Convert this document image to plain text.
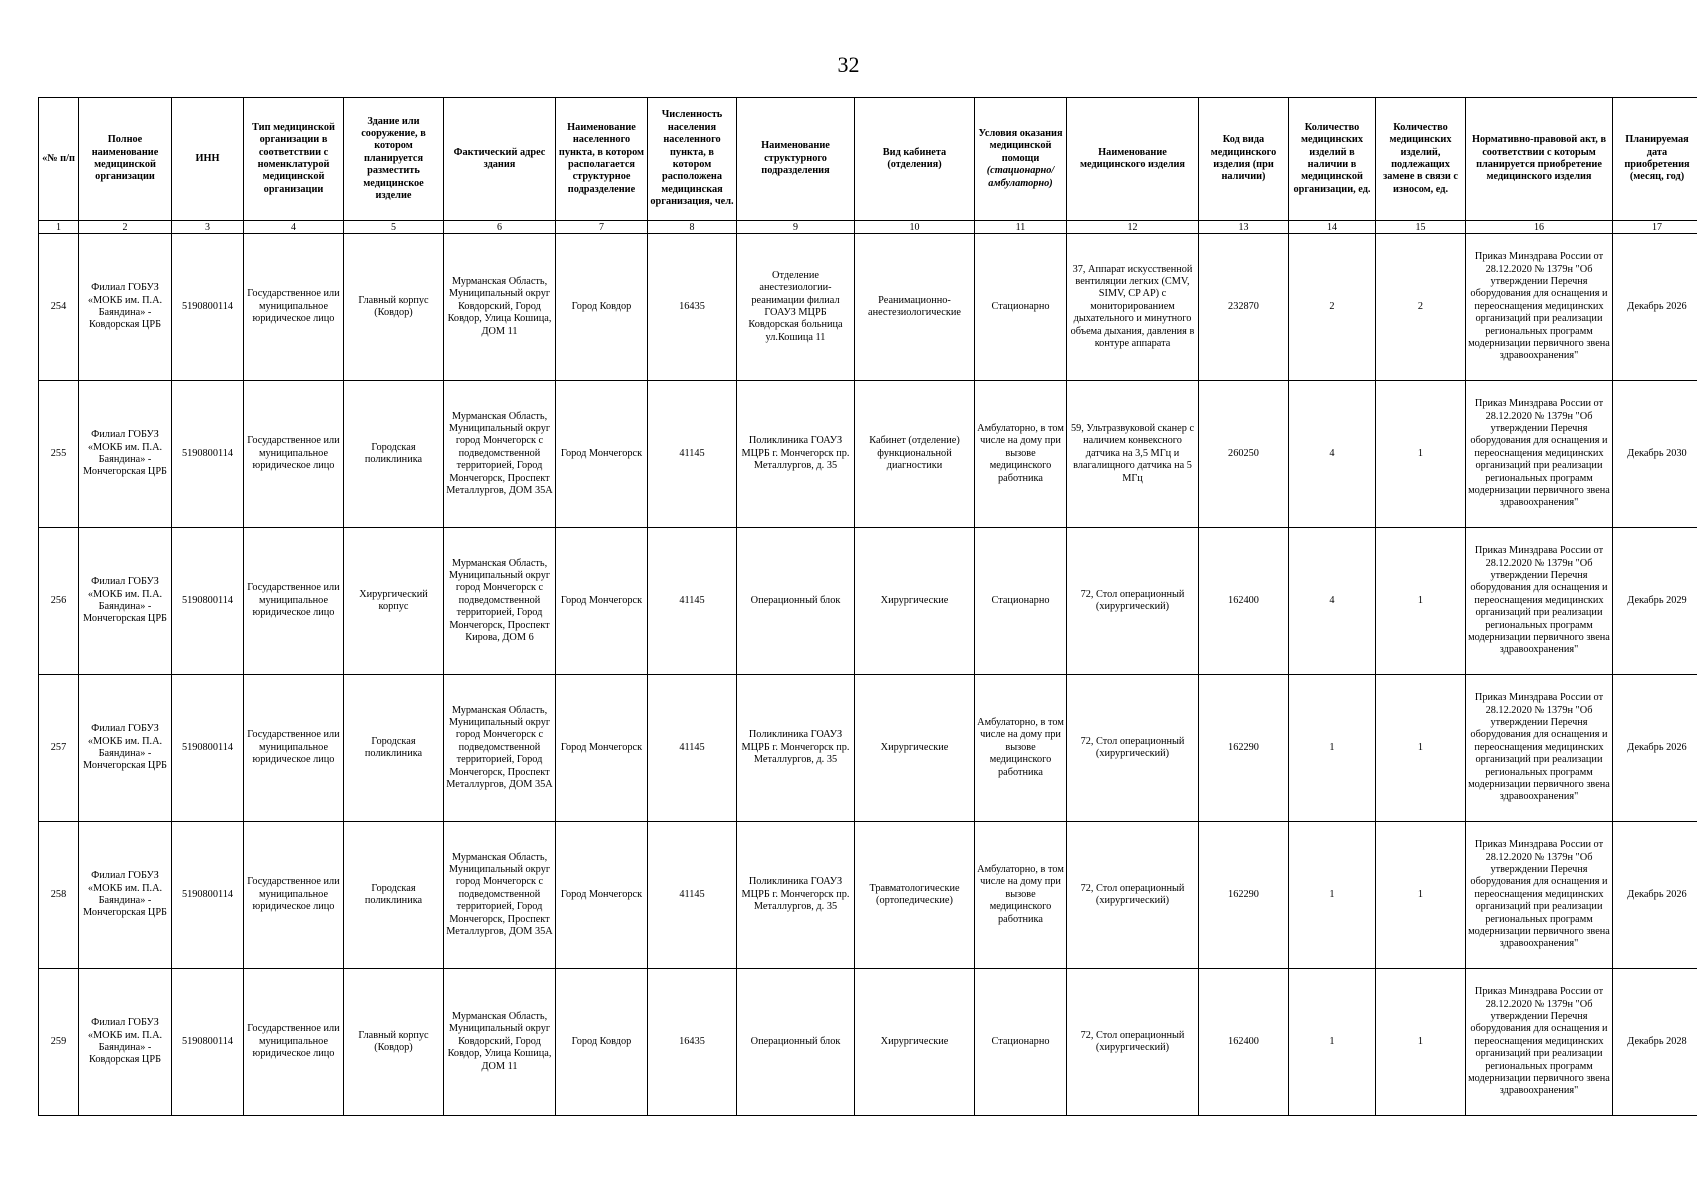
32
«№ п/п	Полное наименование медицинской организации	ИНН	Тип медицинской организации в соответствии с номенклатурой медицинской организации	Здание или сооружение, в котором планируется разместить медицинское изделие	Фактический адрес здания	Наименование населенного пункта, в котором располагается структурное подразделение	Численность населения населенного пункта, в котором расположена медицинская организация, чел.	Наименование структурного подразделения	Вид кабинета (отделения)	Условия оказания медицинской помощи (стационарно/ амбулаторно)	Наименование медицинского изделия	Код вида медицинского изделия (при наличии)	Количество медицинских изделий в наличии в медицинской организации, ед.	Количество медицинских изделий, подлежащих замене в связи с износом, ед.	Нормативно-правовой акт, в соответствии с которым планируется приобретение медицинского изделия	Планируемая дата приобретения (месяц, год)
1	2	3	4	5	6	7	8	9	10	11	12	13	14	15	16	17
254	Филиал ГОБУЗ «МОКБ им. П.А. Баяндина» - Ковдорская ЦРБ	5190800114	Государственное или муниципальное юридическое лицо	Главный корпус (Ковдор)	Мурманская Область, Муниципальный округ Ковдорский, Город Ковдор, Улица Кошица, ДОМ 11	Город Ковдор	16435	Отделение анестезиологии-реанимации филиал ГОАУЗ МЦРБ Ковдорская больница ул.Кошица 11	Реанимационно-анестезиологические	Стационарно	37, Аппарат искусственной вентиляции легких (CMV, SIMV, CP AP) с мониторированием дыхательного и минутного объема дыхания, давления в контуре аппарата	232870	2	2	Приказ Минздрава России от 28.12.2020 № 1379н "Об утверждении Перечня оборудования для оснащения и переоснащения медицинских организаций при реализации региональных программ модернизации первичного звена здравоохранения"	Декабрь 2026
255	Филиал ГОБУЗ «МОКБ им. П.А. Баяндина» - Мончегорская ЦРБ	5190800114	Государственное или муниципальное юридическое лицо	Городская поликлиника	Мурманская Область, Муниципальный округ город Мончегорск с подведомственной территорией, Город Мончегорск, Проспект Металлургов, ДОМ 35А	Город Мончегорск	41145	Поликлиника ГОАУЗ МЦРБ г. Мончегорск пр. Металлургов, д. 35	Кабинет (отделение) функциональной диагностики	Амбулаторно, в том числе на дому при вызове медицинского работника	59, Ультразвуковой сканер с наличием конвексного датчика на 3,5 МГц и влагалищного датчика на 5 МГц	260250	4	1	Приказ Минздрава России от 28.12.2020 № 1379н "Об утверждении Перечня оборудования для оснащения и переоснащения медицинских организаций при реализации региональных программ модернизации первичного звена здравоохранения"	Декабрь 2030
256	Филиал ГОБУЗ «МОКБ им. П.А. Баяндина» - Мончегорская ЦРБ	5190800114	Государственное или муниципальное юридическое лицо	Хирургический корпус	Мурманская Область, Муниципальный округ город Мончегорск с подведомственной территорией, Город Мончегорск, Проспект Кирова, ДОМ 6	Город Мончегорск	41145	Операционный блок	Хирургические	Стационарно	72, Стол операционный (хирургический)	162400	4	1	Приказ Минздрава России от 28.12.2020 № 1379н "Об утверждении Перечня оборудования для оснащения и переоснащения медицинских организаций при реализации региональных программ модернизации первичного звена здравоохранения"	Декабрь 2029
257	Филиал ГОБУЗ «МОКБ им. П.А. Баяндина» - Мончегорская ЦРБ	5190800114	Государственное или муниципальное юридическое лицо	Городская поликлиника	Мурманская Область, Муниципальный округ город Мончегорск с подведомственной территорией, Город Мончегорск, Проспект Металлургов, ДОМ 35А	Город Мончегорск	41145	Поликлиника ГОАУЗ МЦРБ г. Мончегорск пр. Металлургов, д. 35	Хирургические	Амбулаторно, в том числе на дому при вызове медицинского работника	72, Стол операционный (хирургический)	162290	1	1	Приказ Минздрава России от 28.12.2020 № 1379н "Об утверждении Перечня оборудования для оснащения и переоснащения медицинских организаций при реализации региональных программ модернизации первичного звена здравоохранения"	Декабрь 2026
258	Филиал ГОБУЗ «МОКБ им. П.А. Баяндина» - Мончегорская ЦРБ	5190800114	Государственное или муниципальное юридическое лицо	Городская поликлиника	Мурманская Область, Муниципальный округ город Мончегорск с подведомственной территорией, Город Мончегорск, Проспект Металлургов, ДОМ 35А	Город Мончегорск	41145	Поликлиника ГОАУЗ МЦРБ г. Мончегорск пр. Металлургов, д. 35	Травматологические (ортопедические)	Амбулаторно, в том числе на дому при вызове медицинского работника	72, Стол операционный (хирургический)	162290	1	1	Приказ Минздрава России от 28.12.2020 № 1379н "Об утверждении Перечня оборудования для оснащения и переоснащения медицинских организаций при реализации региональных программ модернизации первичного звена здравоохранения"	Декабрь 2026
259	Филиал ГОБУЗ «МОКБ им. П.А. Баяндина» - Ковдорская ЦРБ	5190800114	Государственное или муниципальное юридическое лицо	Главный корпус (Ковдор)	Мурманская Область, Муниципальный округ Ковдорский, Город Ковдор, Улица Кошица, ДОМ 11	Город Ковдор	16435	Операционный блок	Хирургические	Стационарно	72, Стол операционный (хирургический)	162400	1	1	Приказ Минздрава России от 28.12.2020 № 1379н "Об утверждении Перечня оборудования для оснащения и переоснащения медицинских организаций при реализации региональных программ модернизации первичного звена здравоохранения"	Декабрь 2028
